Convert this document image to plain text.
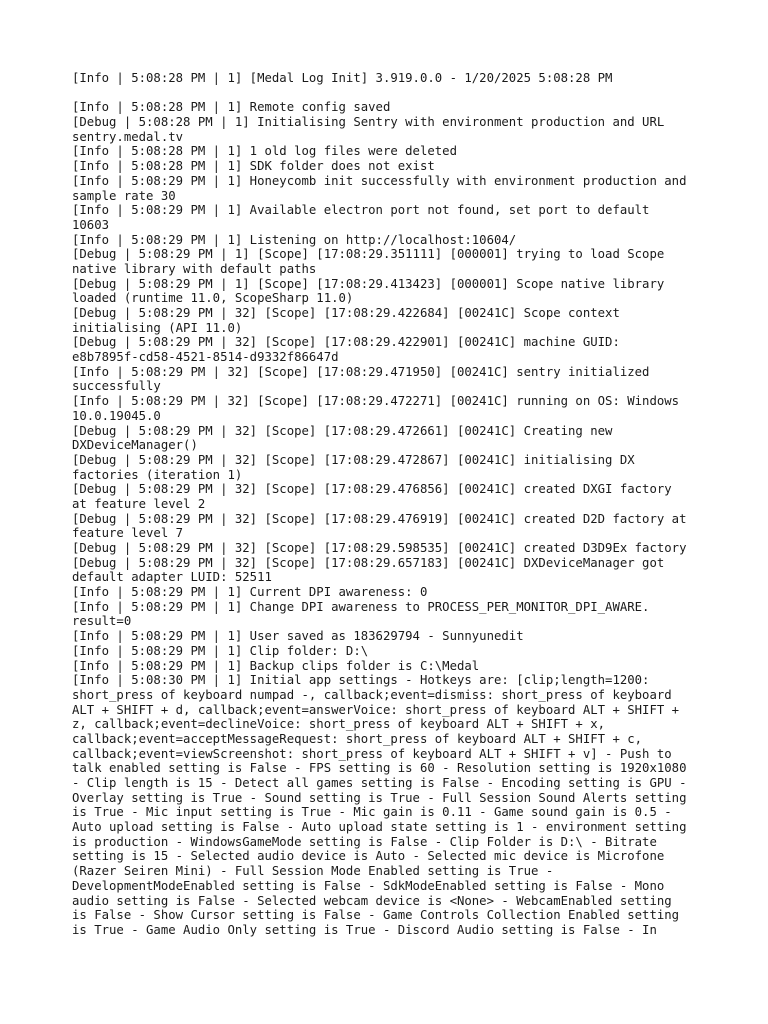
[Info | 5:08:28 PM | 1] [Medal Log Init] 3.919.0.0 - 1/20/2025 5:08:28 PM
[Info | 5:08:28 PM | 1] Remote config saved
[Debug | 5:08:28 PM | 1] Initialising Sentry with environment production and URL
sentry.medal.tv
[Info | 5:08:28 PM | 1] 1 old log files were deleted
[Info | 5:08:28 PM | 1] SDK folder does not exist
[Info | 5:08:29 PM | 1] Honeycomb init successfully with environment production and
sample rate 30
[Info | 5:08:29 PM | 1] Available electron port not found, set port to default
10603
[Info | 5:08:29 PM | 1] Listening on http://localhost:10604/
[Debug | 5:08:29 PM | 1] [Scope] [17:08:29.351111] [000001] trying to load Scope
native library with default paths
[Debug | 5:08:29 PM | 1] [Scope] [17:08:29.413423] [000001] Scope native library
loaded (runtime 11.0, ScopeSharp 11.0)
[Debug | 5:08:29 PM | 32] [Scope] [17:08:29.422684] [00241C] Scope context
initialising (API 11.0)
[Debug | 5:08:29 PM | 32] [Scope] [17:08:29.422901] [00241C] machine GUID:
e8b7895f-cd58-4521-8514-d9332f86647d
[Info | 5:08:29 PM | 32] [Scope] [17:08:29.471950] [00241C] sentry initialized
successfully
[Info | 5:08:29 PM | 32] [Scope] [17:08:29.472271] [00241C] running on OS: Windows
10.0.19045.0
[Debug | 5:08:29 PM | 32] [Scope] [17:08:29.472661] [00241C] Creating new
DXDeviceManager()
[Debug | 5:08:29 PM | 32] [Scope] [17:08:29.472867] [00241C] initialising DX
factories (iteration 1)
[Debug | 5:08:29 PM | 32] [Scope] [17:08:29.476856] [00241C] created DXGI factory
at feature level 2
[Debug | 5:08:29 PM | 32] [Scope] [17:08:29.476919] [00241C] created D2D factory at
feature level 7
[Debug | 5:08:29 PM | 32] [Scope] [17:08:29.598535] [00241C] created D3D9Ex factory
[Debug | 5:08:29 PM | 32] [Scope] [17:08:29.657183] [00241C] DXDeviceManager got
default adapter LUID: 52511
[Info | 5:08:29 PM | 1] Current DPI awareness: 0
[Info | 5:08:29 PM | 1] Change DPI awareness to PROCESS_PER_MONITOR_DPI_AWARE.
result=0
[Info | 5:08:29 PM | 1] User saved as 183629794 - Sunnyunedit
[Info | 5:08:29 PM | 1] Clip folder: D:\
[Info | 5:08:29 PM | 1] Backup clips folder is C:\Medal
[Info | 5:08:30 PM | 1] Initial app settings - Hotkeys are: [clip;length=1200:
short_press of keyboard numpad -, callback;event=dismiss: short_press of keyboard
ALT + SHIFT + d, callback;event=answerVoice: short_press of keyboard ALT + SHIFT +
z, callback;event=declineVoice: short_press of keyboard ALT + SHIFT + x,
callback;event=acceptMessageRequest: short_press of keyboard ALT + SHIFT + c,
callback;event=viewScreenshot: short_press of keyboard ALT + SHIFT + v] - Push to
talk enabled setting is False - FPS setting is 60 - Resolution setting is 1920x1080
- Clip length is 15 - Detect all games setting is False - Encoding setting is GPU -
Overlay setting is True - Sound setting is True - Full Session Sound Alerts setting
is True - Mic input setting is True - Mic gain is 0.11 - Game sound gain is 0.5 -
Auto upload setting is False - Auto upload state setting is 1 - environment setting
is production - WindowsGameMode setting is False - Clip Folder is D:\ - Bitrate
setting is 15 - Selected audio device is Auto - Selected mic device is Microfone
(Razer Seiren Mini) - Full Session Mode Enabled setting is True -
DevelopmentModeEnabled setting is False - SdkModeEnabled setting is False - Mono
audio setting is False - Selected webcam device is <None> - WebcamEnabled setting
is False - Show Cursor setting is False - Game Controls Collection Enabled setting
is True - Game Audio Only setting is True - Discord Audio setting is False - In
